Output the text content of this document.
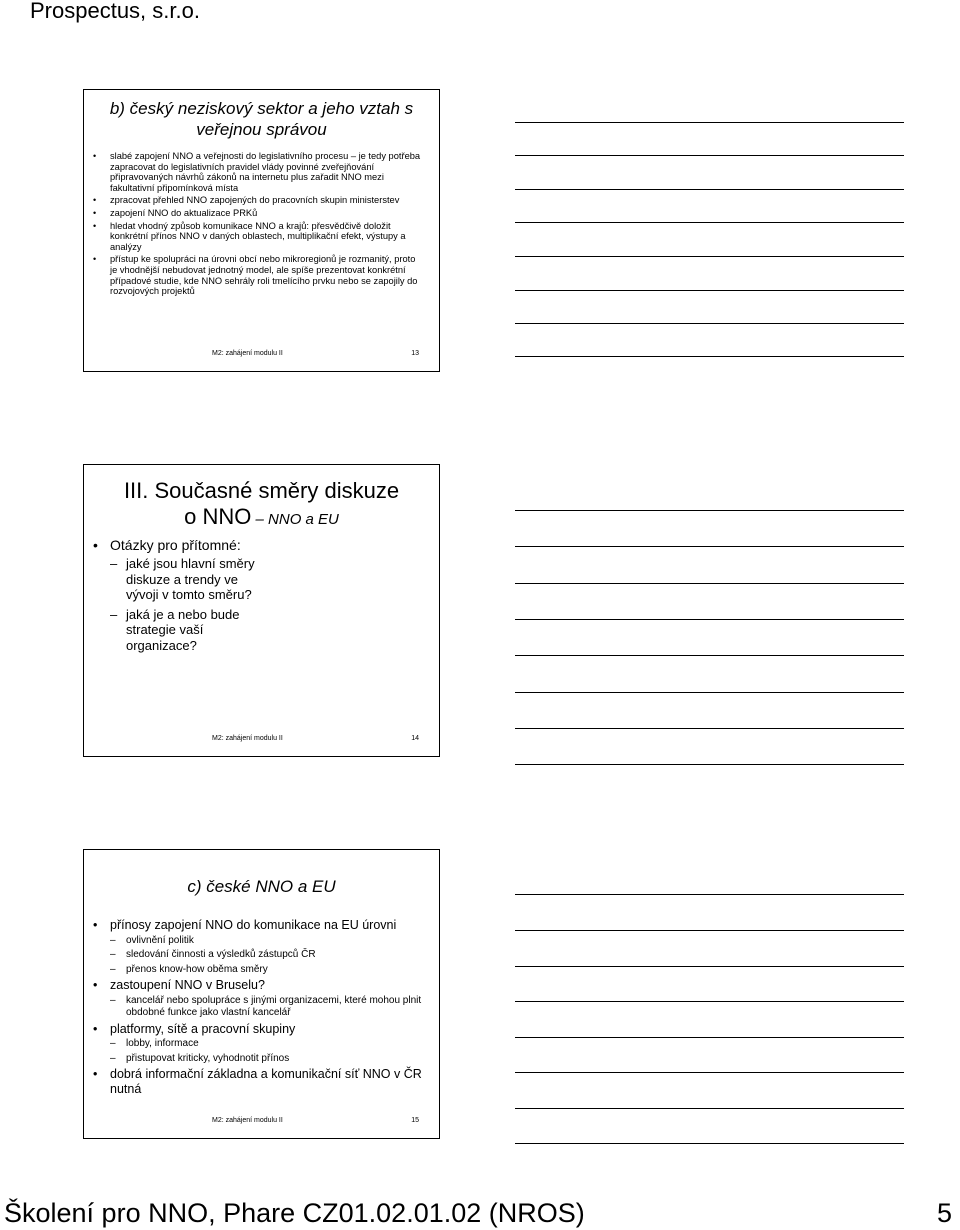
Prospectus, s.r.o.
b) český neziskový sektor a jeho vztah s
veřejnou správou
• slabé zapojení NNO a veřejnosti do legislativního procesu – je tedy potřeba zapracovat do legislativních pravidel vlády povinné zveřejňování připravovaných návrhů zákonů na internetu plus zařadit NNO mezi fakultativní připomínková místa
• zpracovat přehled NNO zapojených do pracovních skupin ministerstev
• zapojení NNO do aktualizace PRKů
• hledat vhodný způsob komunikace NNO a krajů: přesvědčivě doložit konkrétní přínos NNO v daných oblastech, multiplikační efekt, výstupy a analýzy
• přístup ke spolupráci na úrovni obcí nebo mikroregionů je rozmanitý, proto je vhodnější nebudovat jednotný model, ale spíše prezentovat konkrétní případové studie, kde NNO sehrály roli tmelícího prvku nebo se zapojily do rozvojových projektů
M2: zahájení modulu II	13
III. Současné směry diskuze
o NNO – NNO a EU
• Otázky pro přítomné:
– jaké jsou hlavní směry diskuze a trendy ve vývoji v tomto směru?
– jaká je a nebo bude strategie vaší organizace?
M2: zahájení modulu II	14
c) české NNO a EU
• přínosy zapojení NNO do komunikace na EU úrovni
– ovlivnění politik
– sledování činnosti a výsledků zástupců ČR
– přenos know-how oběma směry
• zastoupení NNO v Bruselu?
– kancelář nebo spolupráce s jinými organizacemi, které mohou plnit obdobné funkce jako vlastní kancelář
• platformy, sítě a pracovní skupiny
– lobby, informace
– přistupovat kriticky, vyhodnotit přínos
• dobrá informační základna a komunikační síť NNO v ČR nutná
M2: zahájení modulu II	15
Školení pro NNO, Phare CZ01.02.01.02 (NROS)	5
